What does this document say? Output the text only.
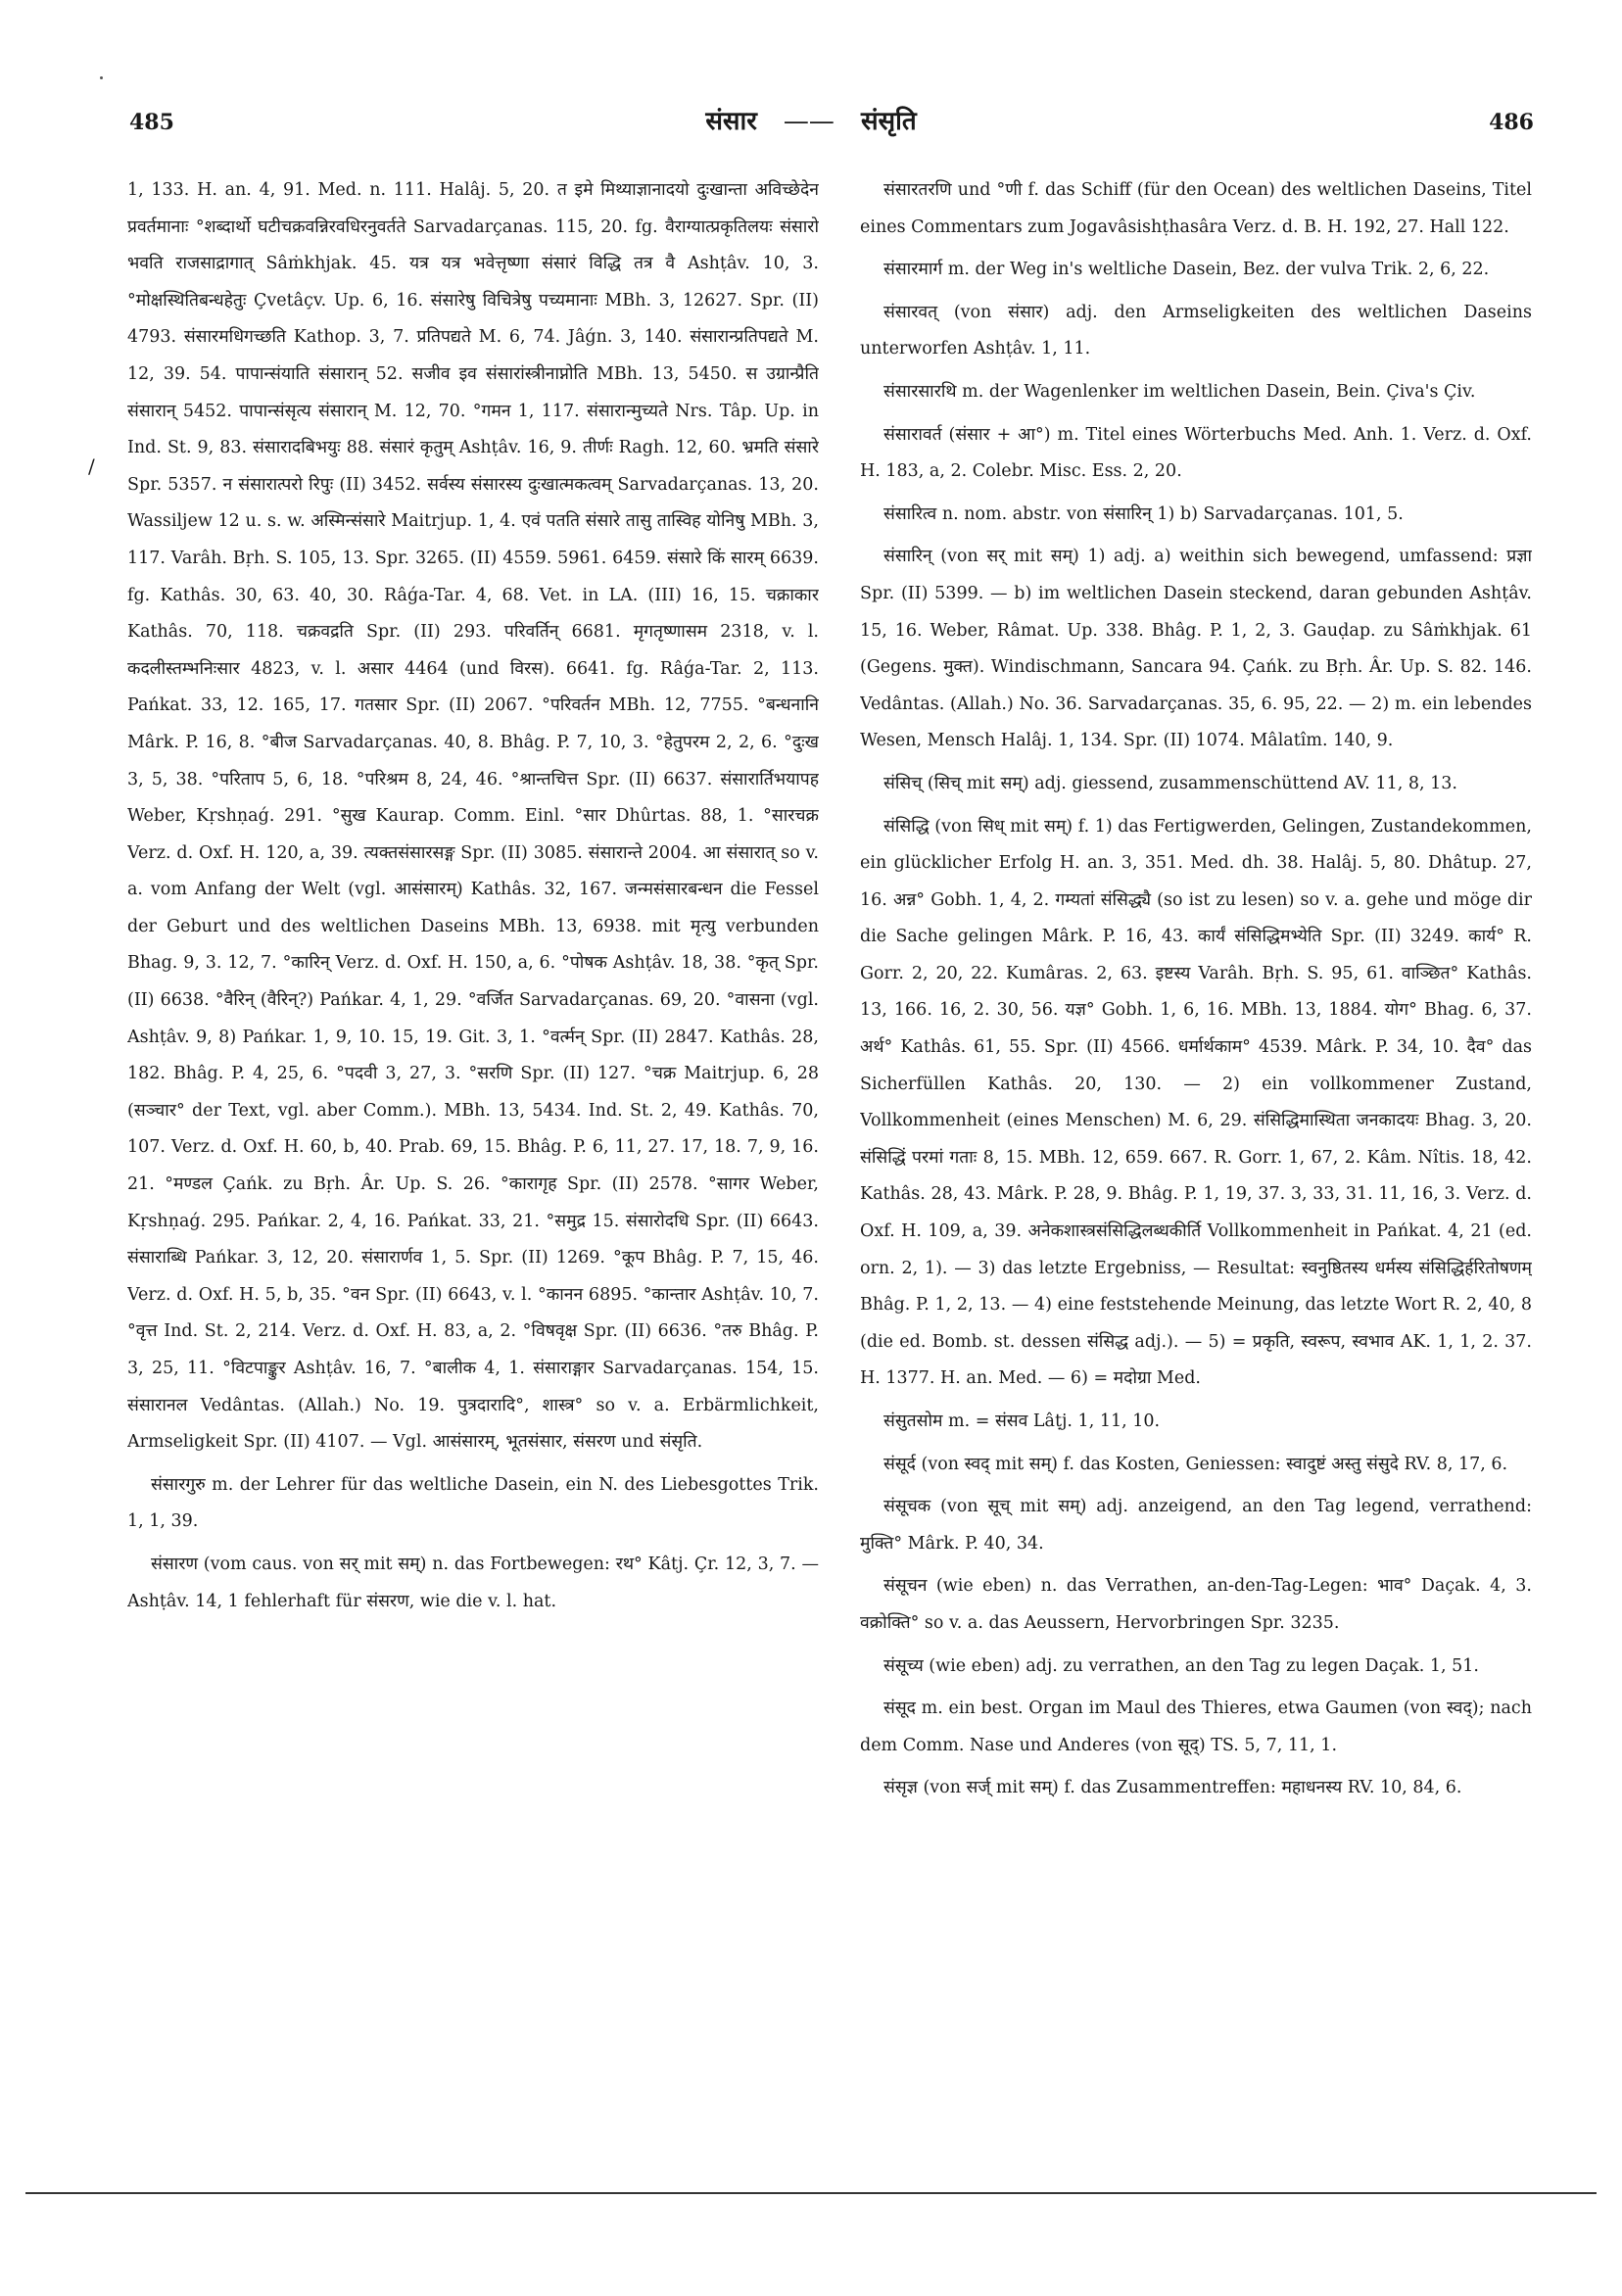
485	संसार —— संसृति	486
/

1, 133. H. an. 4, 91. Med. n. 111. Halâj. 5, 20. त इमे मिथ्याज्ञानादयो दुःखान्ता अविच्छेदेन प्रवर्तमानाः °शब्दार्थो घटीचक्रवन्निरवधिरनुवर्तते Sarvadarçanas. 115, 20. fg. वैराग्यात्प्रकृतिलयः संसारो भवति राजसाद्रागात् Sâṁkhjak. 45. यत्र यत्र भवेत्तृष्णा संसारं विद्धि तत्र वै Ashṭâv. 10, 3. °मोक्षस्थितिबन्धहेतुः Çvetâçv. Up. 6, 16. संसारेषु विचित्रेषु पच्यमानाः MBh. 3, 12627. Spr. (II) 4793. संसारमधिगच्छति Kathop. 3, 7. प्रतिपद्यते M. 6, 74. Jâǵn. 3, 140. संसारान्प्रतिपद्यते M. 12, 39. 54. पापान्संयाति संसारान् 52. सजीव इव संसारांस्त्रीनाप्नोति MBh. 13, 5450. स उग्रान्प्रैति संसारान् 5452. पापान्संसृत्य संसारान् M. 12, 70. °गमन 1, 117. संसारान्मुच्यते Nrs. Tâp. Up. in Ind. St. 9, 83. संसारादबिभयुः 88. संसारं कृतुम् Ashṭâv. 16, 9. तीर्णः Ragh. 12, 60. भ्रमति संसारे Spr. 5357. न संसारात्परो रिपुः (II) 3452. सर्वस्य संसारस्य दुःखात्मकत्वम् Sarvadarçanas. 13, 20. Wassiljew 12 u. s. w. अस्मिन्संसारे Maitrjup. 1, 4. एवं पतति संसारे तासु तास्विह योनिषु MBh. 3, 117. Varâh. Bṛh. S. 105, 13. Spr. 3265. (II) 4559. 5961. 6459. संसारे किं सारम् 6639. fg. Kathâs. 30, 63. 40, 30. Râǵa-Tar. 4, 68. Vet. in LA. (III) 16, 15. चक्राकार Kathâs. 70, 118. चक्रवद्रति Spr. (II) 293. परिवर्तिन् 6681. मृगतृष्णासम 2318, v. l. कदलीस्तम्भनिःसार 4823, v. l. असार 4464 (und विरस). 6641. fg. Râǵa-Tar. 2, 113. Pańkat. 33, 12. 165, 17. गतसार Spr. (II) 2067. °परिवर्तन MBh. 12, 7755. °बन्धनानि Mârk. P. 16, 8. °बीज Sarvadarçanas. 40, 8. Bhâg. P. 7, 10, 3. °हेतुपरम 2, 2, 6. °दुःख 3, 5, 38. °परिताप 5, 6, 18. °परिश्रम 8, 24, 46. °श्रान्तचित्त Spr. (II) 6637. संसारार्तिभयापह Weber, Kṛshṇaǵ. 291. °सुख Kaurap. Comm. Einl. °सार Dhûrtas. 88, 1. °सारचक्र Verz. d. Oxf. H. 120, a, 39. त्यक्तसंसारसङ्ग Spr. (II) 3085. संसारान्ते 2004. आ संसारात् so v. a. vom Anfang der Welt (vgl. आसंसारम्) Kathâs. 32, 167. जन्मसंसारबन्धन die Fessel der Geburt und des weltlichen Daseins MBh. 13, 6938. mit मृत्यु verbunden Bhag. 9, 3. 12, 7. °कारिन् Verz. d. Oxf. H. 150, a, 6. °पोषक Ashṭâv. 18, 38. °कृत् Spr. (II) 6638. °वैरिन् (वैरिन्?) Pańkar. 4, 1, 29. °वर्जित Sarvadarçanas. 69, 20. °वासना (vgl. Ashṭâv. 9, 8) Pańkar. 1, 9, 10. 15, 19. Git. 3, 1. °वर्त्मन् Spr. (II) 2847. Kathâs. 28, 182. Bhâg. P. 4, 25, 6. °पदवी 3, 27, 3. °सरणि Spr. (II) 127. °चक्र Maitrjup. 6, 28 (सञ्चार° der Text, vgl. aber Comm.). MBh. 13, 5434. Ind. St. 2, 49. Kathâs. 70, 107. Verz. d. Oxf. H. 60, b, 40. Prab. 69, 15. Bhâg. P. 6, 11, 27. 17, 18. 7, 9, 16. 21. °मण्डल Çańk. zu Bṛh. Âr. Up. S. 26. °कारागृह Spr. (II) 2578. °सागर Weber, Kṛshṇaǵ. 295. Pańkar. 2, 4, 16. Pańkat. 33, 21. °समुद्र 15. संसारोदधि Spr. (II) 6643. संसाराब्धि Pańkar. 3, 12, 20. संसारार्णव 1, 5. Spr. (II) 1269. °कूप Bhâg. P. 7, 15, 46. Verz. d. Oxf. H. 5, b, 35. °वन Spr. (II) 6643, v. l. °कानन 6895. °कान्तार Ashṭâv. 10, 7. °वृत्त Ind. St. 2, 214. Verz. d. Oxf. H. 83, a, 2. °विषवृक्ष Spr. (II) 6636. °तरु Bhâg. P. 3, 25, 11. °विटपाङ्कुर Ashṭâv. 16, 7. °बालीक 4, 1. संसाराङ्गार Sarvadarçanas. 154, 15. संसारानल Vedântas. (Allah.) No. 19. पुत्रदारादि°, शास्त्र° so v. a. Erbärmlichkeit, Armseligkeit Spr. (II) 4107. — Vgl. आसंसारम्, भूतसंसार, संसरण und संसृति.

संसारगुरु m. der Lehrer für das weltliche Dasein, ein N. des Liebesgottes Trik. 1, 1, 39.

संसारण (vom caus. von सर् mit सम्) n. das Fortbewegen: रथ° Kâtj. Çr. 12, 3, 7. — Ashṭâv. 14, 1 fehlerhaft für संसरण, wie die v. l. hat.

संसारतरणि und °णी f. das Schiff (für den Ocean) des weltlichen Daseins, Titel eines Commentars zum Jogavâsishṭhasâra Verz. d. B. H. 192, 27. Hall 122.

संसारमार्ग m. der Weg in's weltliche Dasein, Bez. der vulva Trik. 2, 6, 22.

संसारवत् (von संसार) adj. den Armseligkeiten des weltlichen Daseins unterworfen Ashṭâv. 1, 11.

संसारसारथि m. der Wagenlenker im weltlichen Dasein, Bein. Çiva's Çiv.

संसारावर्त (संसार + आ°) m. Titel eines Wörterbuchs Med. Anh. 1. Verz. d. Oxf. H. 183, a, 2. Colebr. Misc. Ess. 2, 20.

संसारित्व n. nom. abstr. von संसारिन् 1) b) Sarvadarçanas. 101, 5.

संसारिन् (von सर् mit सम्) 1) adj. a) weithin sich bewegend, umfassend: प्रज्ञा Spr. (II) 5399. — b) im weltlichen Dasein steckend, daran gebunden Ashṭâv. 15, 16. Weber, Râmat. Up. 338. Bhâg. P. 1, 2, 3. Gauḍap. zu Sâṁkhjak. 61 (Gegens. मुक्त). Windischmann, Sancara 94. Çańk. zu Bṛh. Âr. Up. S. 82. 146. Vedântas. (Allah.) No. 36. Sarvadarçanas. 35, 6. 95, 22. — 2) m. ein lebendes Wesen, Mensch Halâj. 1, 134. Spr. (II) 1074. Mâlatîm. 140, 9.

संसिच् (सिच् mit सम्) adj. giessend, zusammenschüttend AV. 11, 8, 13.

संसिद्धि (von सिध् mit सम्) f. 1) das Fertigwerden, Gelingen, Zustandekommen, ein glücklicher Erfolg H. an. 3, 351. Med. dh. 38. Halâj. 5, 80. Dhâtup. 27, 16. अन्न° Gobh. 1, 4, 2. गम्यतां संसिद्ध्यै (so ist zu lesen) so v. a. gehe und möge dir die Sache gelingen Mârk. P. 16, 43. कार्यं संसिद्धिमभ्येति Spr. (II) 3249. कार्य° R. Gorr. 2, 20, 22. Kumâras. 2, 63. इष्टस्य Varâh. Bṛh. S. 95, 61. वाञ्छित° Kathâs. 13, 166. 16, 2. 30, 56. यज्ञ° Gobh. 1, 6, 16. MBh. 13, 1884. योग° Bhag. 6, 37. अर्थ° Kathâs. 61, 55. Spr. (II) 4566. धर्मार्थकाम° 4539. Mârk. P. 34, 10. दैव° das Sicherfüllen Kathâs. 20, 130. — 2) ein vollkommener Zustand, Vollkommenheit (eines Menschen) M. 6, 29. संसिद्धिमास्थिता जनकादयः Bhag. 3, 20. संसिद्धिं परमां गताः 8, 15. MBh. 12, 659. 667. R. Gorr. 1, 67, 2. Kâm. Nîtis. 18, 42. Kathâs. 28, 43. Mârk. P. 28, 9. Bhâg. P. 1, 19, 37. 3, 33, 31. 11, 16, 3. Verz. d. Oxf. H. 109, a, 39. अनेकशास्त्रसंसिद्धिलब्धकीर्ति Vollkommenheit in Pańkat. 4, 21 (ed. orn. 2, 1). — 3) das letzte Ergebniss, — Resultat: स्वनुष्ठितस्य धर्मस्य संसिद्धिर्हरितोषणम् Bhâg. P. 1, 2, 13. — 4) eine feststehende Meinung, das letzte Wort R. 2, 40, 8 (die ed. Bomb. st. dessen संसिद्ध adj.). — 5) = प्रकृति, स्वरूप, स्वभाव AK. 1, 1, 2. 37. H. 1377. H. an. Med. — 6) = मदोग्रा Med.

संसुतसोम m. = संसव Lâṭj. 1, 11, 10.

संसूर्द (von स्वद् mit सम्) f. das Kosten, Geniessen: स्वादुष्टं अस्तु संसुदे RV. 8, 17, 6.

संसूचक (von सूच् mit सम्) adj. anzeigend, an den Tag legend, verrathend: मुक्ति° Mârk. P. 40, 34.

संसूचन (wie eben) n. das Verrathen, an-den-Tag-Legen: भाव° Daçak. 4, 3. वक्रोक्ति° so v. a. das Aeussern, Hervorbringen Spr. 3235.

संसूच्य (wie eben) adj. zu verrathen, an den Tag zu legen Daçak. 1, 51.

संसूद m. ein best. Organ im Maul des Thieres, etwa Gaumen (von स्वद्); nach dem Comm. Nase und Anderes (von सूद्) TS. 5, 7, 11, 1.

संसृज्ञ (von सर्ज् mit सम्) f. das Zusammentreffen: महाधनस्य RV. 10, 84, 6.
